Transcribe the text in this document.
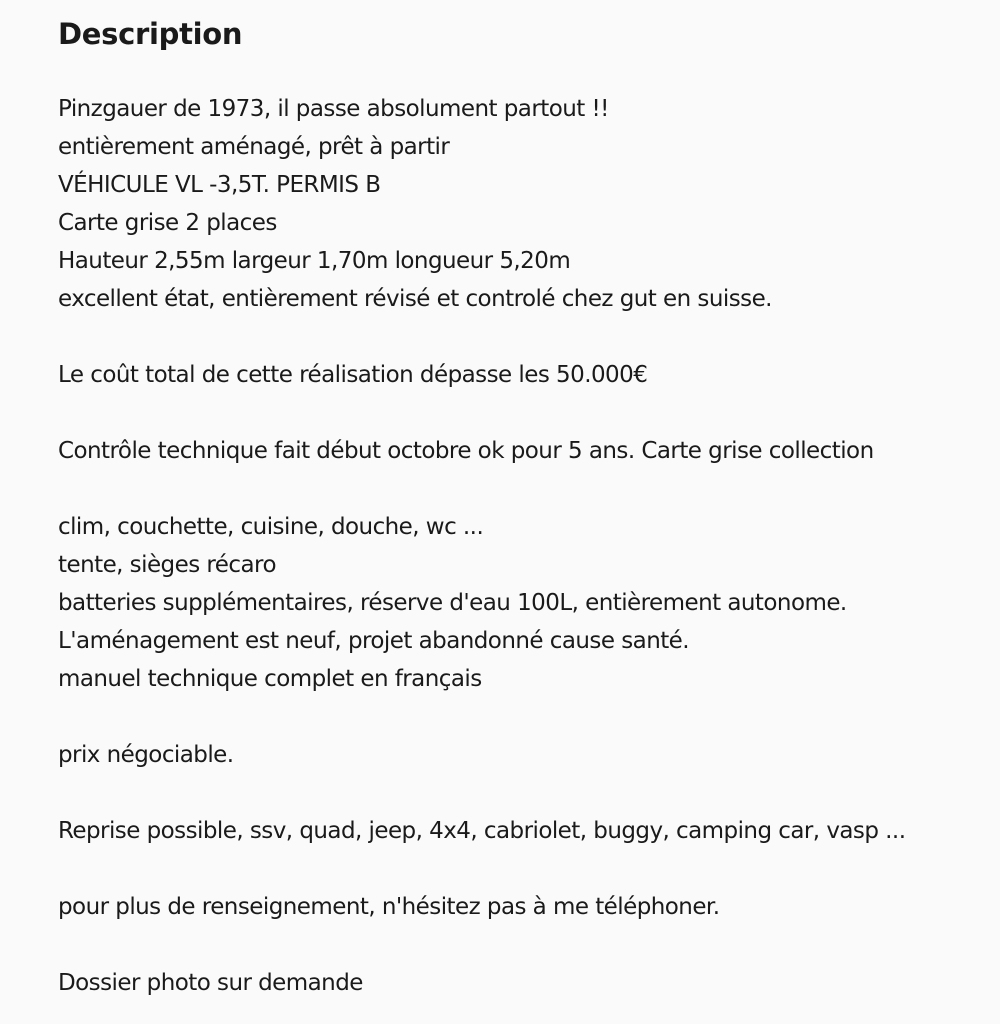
Description
Pinzgauer de 1973, il passe absolument partout !!
entièrement aménagé, prêt à partir
VÉHICULE VL -3,5T. PERMIS B
Carte grise 2 places
Hauteur 2,55m largeur 1,70m longueur 5,20m
excellent état, entièrement révisé et controlé chez gut en suisse.
Le coût total de cette réalisation dépasse les 50.000€
Contrôle technique fait début octobre ok pour 5 ans. Carte grise collection
clim, couchette, cuisine, douche, wc ...
tente, sièges récaro
batteries supplémentaires, réserve d'eau 100L, entièrement autonome.
L'aménagement est neuf, projet abandonné cause santé.
manuel technique complet en français
prix négociable.
Reprise possible, ssv, quad, jeep, 4x4, cabriolet, buggy, camping car, vasp ...
pour plus de renseignement, n'hésitez pas à me téléphoner.
Dossier photo sur demande
